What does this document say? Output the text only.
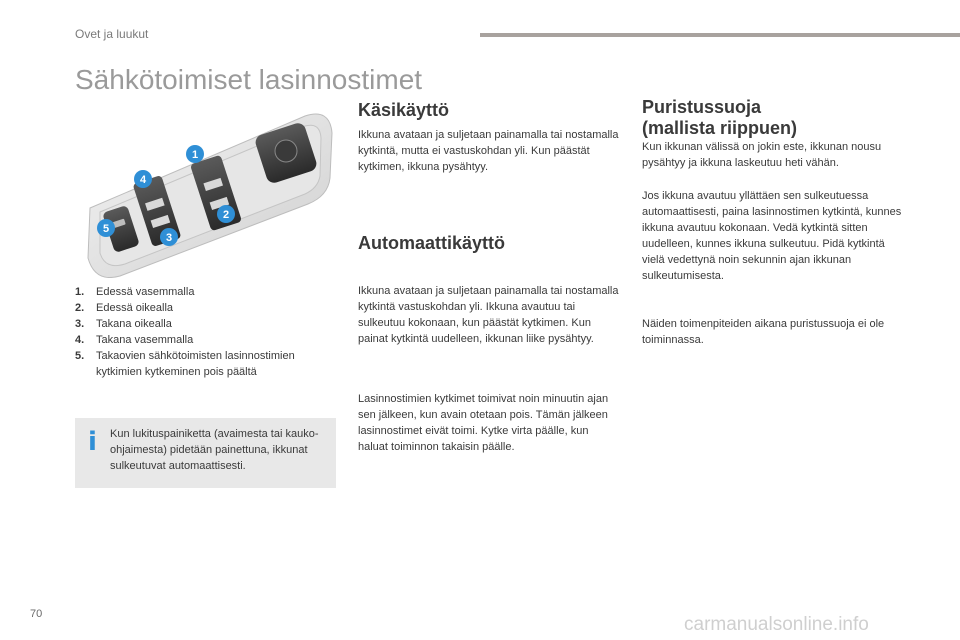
Ovet ja luukut
Sähkötoimiset lasinnostimet
1
2
3
4
5
1.	Edessä vasemmalla
2.	Edessä oikealla
3.	Takana oikealla
4.	Takana vasemmalla
5.	Takaovien sähkötoimisten lasinnostimien kytkimien kytkeminen pois päältä
i Kun lukituspainiketta (avaimesta tai kauko-ohjaimesta) pidetään painettuna, ikkunat sulkeutuvat automaattisesti.
Käsikäyttö

Ikkuna avataan ja suljetaan painamalla tai nostamalla kytkintä, mutta ei vastuskohdan yli. Kun päästät kytkimen, ikkuna pysähtyy.

Automaattikäyttö

Ikkuna avataan ja suljetaan painamalla tai nostamalla kytkintä vastuskohdan yli. Ikkuna avautuu tai sulkeutuu kokonaan, kun päästät kytkimen. Kun painat kytkintä uudelleen, ikkunan liike pysähtyy.

Lasinnostimien kytkimet toimivat noin minuutin ajan sen jälkeen, kun avain otetaan pois. Tämän jälkeen lasinnostimet eivät toimi. Kytke virta päälle, kun haluat toiminnon takaisin päälle.

Puristussuoja
(mallista riippuen)

Kun ikkunan välissä on jokin este, ikkunan nousu pysähtyy ja ikkuna laskeutuu heti vähän.

Jos ikkuna avautuu yllättäen sen sulkeutuessa automaattisesti, paina lasinnostimen kytkintä, kunnes ikkuna avautuu kokonaan. Vedä kytkintä sitten uudelleen, kunnes ikkuna sulkeutuu. Pidä kytkintä vielä vedettynä noin sekunnin ajan ikkunan sulkeutumisesta.

Näiden toimenpiteiden aikana puristussuoja ei ole toiminnassa.

70	carmanualsonline.info
